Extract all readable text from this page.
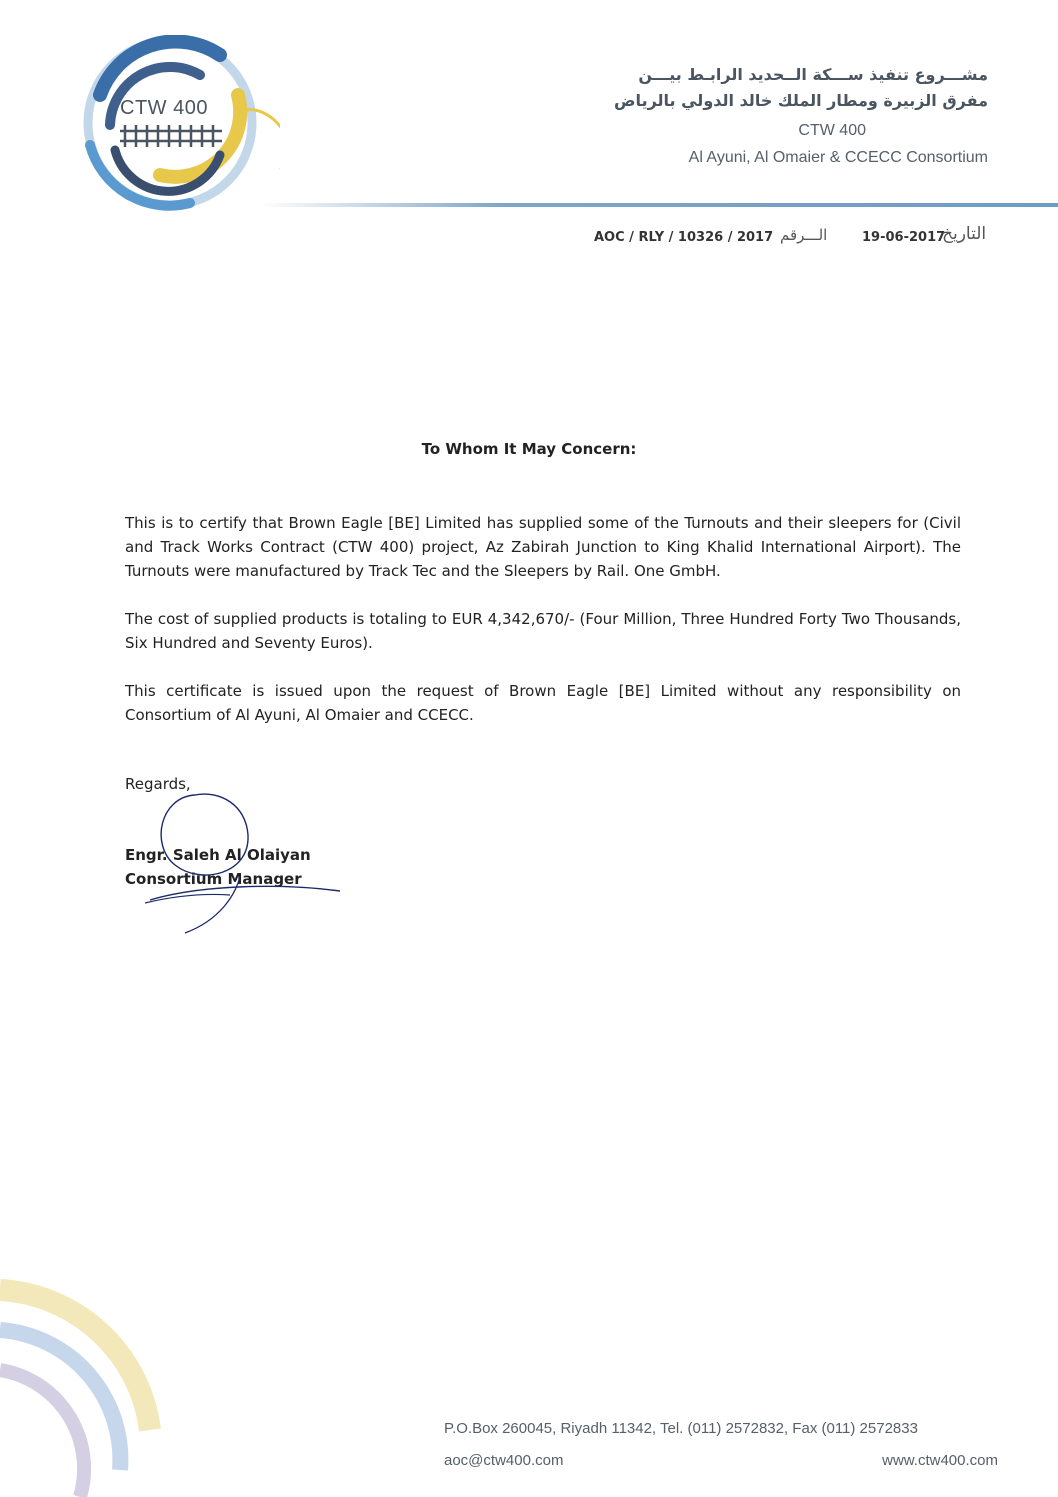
CTW 400
مشـــروع تنفيذ ســـكة الــحديد الرابـط بيـــن
مفرق الزبيرة ومطار الملك خالد الدولي بالرياض
CTW 400
Al Ayuni, Al Omaier & CCECC Consortium
AOC / RLY / 10326 / 2017 الـــرقم	19-06-2017
التاريخ
To Whom It May Concern:
This is to certify that Brown Eagle [BE] Limited has supplied some of the Turnouts and their sleepers for (Civil and Track Works Contract (CTW 400) project, Az Zabirah Junction to King Khalid International Airport). The Turnouts were manufactured by Track Tec and the Sleepers by Rail. One GmbH.
The cost of supplied products is totaling to EUR 4,342,670/- (Four Million, Three Hundred Forty Two Thousands, Six Hundred and Seventy Euros).
This certificate is issued upon the request of Brown Eagle [BE] Limited without any responsibility on Consortium of Al Ayuni, Al Omaier and CCECC.
Regards,
Engr. Saleh Al Olaiyan
Consortium Manager
P.O.Box 260045, Riyadh 11342, Tel. (011) 2572832, Fax (011) 2572833
aoc@ctw400.com	www.ctw400.com
